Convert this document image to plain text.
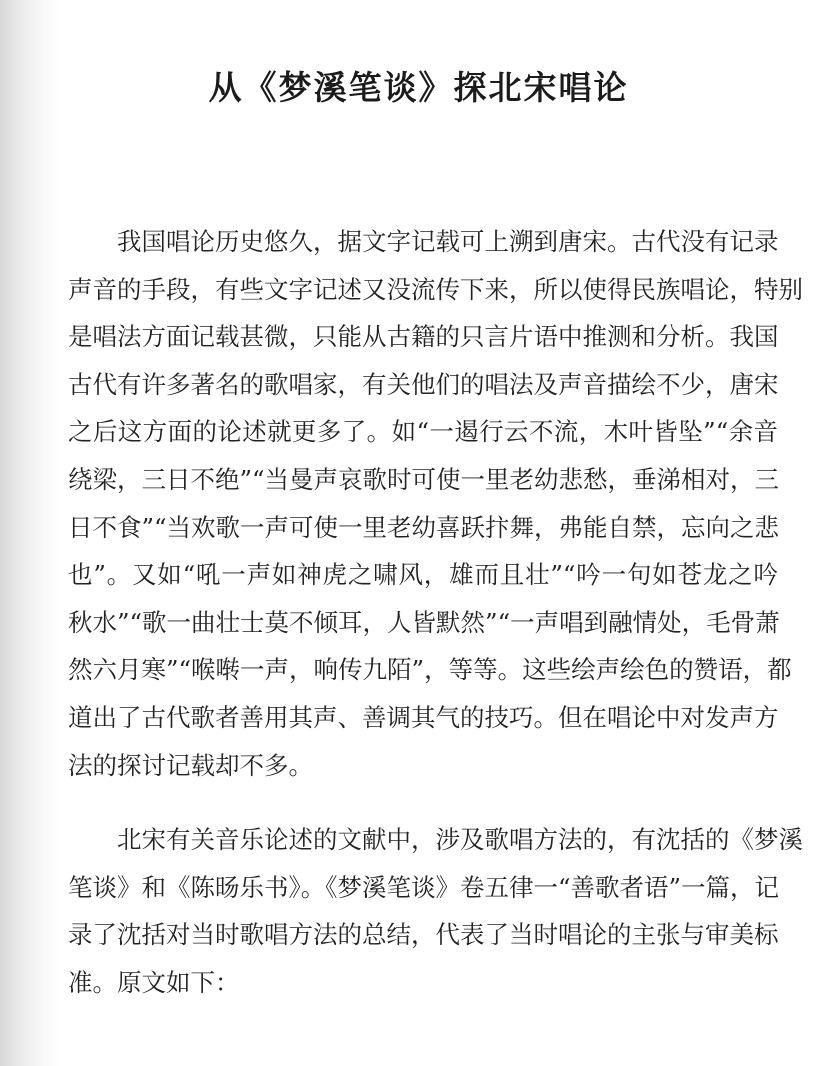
从《梦溪笔谈》探北宋唱论
我国唱论历史悠久，据文字记载可上溯到唐宋。古代没有记录
声音的手段，有些文字记述又没流传下来，所以使得民族唱论，特别
是唱法方面记载甚微，只能从古籍的只言片语中推测和分析。我国
古代有许多著名的歌唱家，有关他们的唱法及声音描绘不少，唐宋
之后这方面的论述就更多了。如“一遏行云不流，木叶皆坠”“余音
绕梁，三日不绝”“当曼声哀歌时可使一里老幼悲愁，垂涕相对，三
日不食”“当欢歌一声可使一里老幼喜跃抃舞，弗能自禁，忘向之悲
也”。又如“吼一声如神虎之啸风，雄而且壮”“吟一句如苍龙之吟
秋水”“歌一曲壮士莫不倾耳，人皆默然”“一声唱到融情处，毛骨萧
然六月寒”“喉啭一声，响传九陌”，等等。这些绘声绘色的赞语，都
道出了古代歌者善用其声、善调其气的技巧。但在唱论中对发声方
法的探讨记载却不多。
北宋有关音乐论述的文献中，涉及歌唱方法的，有沈括的《梦溪
笔谈》和《陈旸乐书》。《梦溪笔谈》卷五律一“善歌者语”一篇，记
录了沈括对当时歌唱方法的总结，代表了当时唱论的主张与审美标
准。原文如下：
